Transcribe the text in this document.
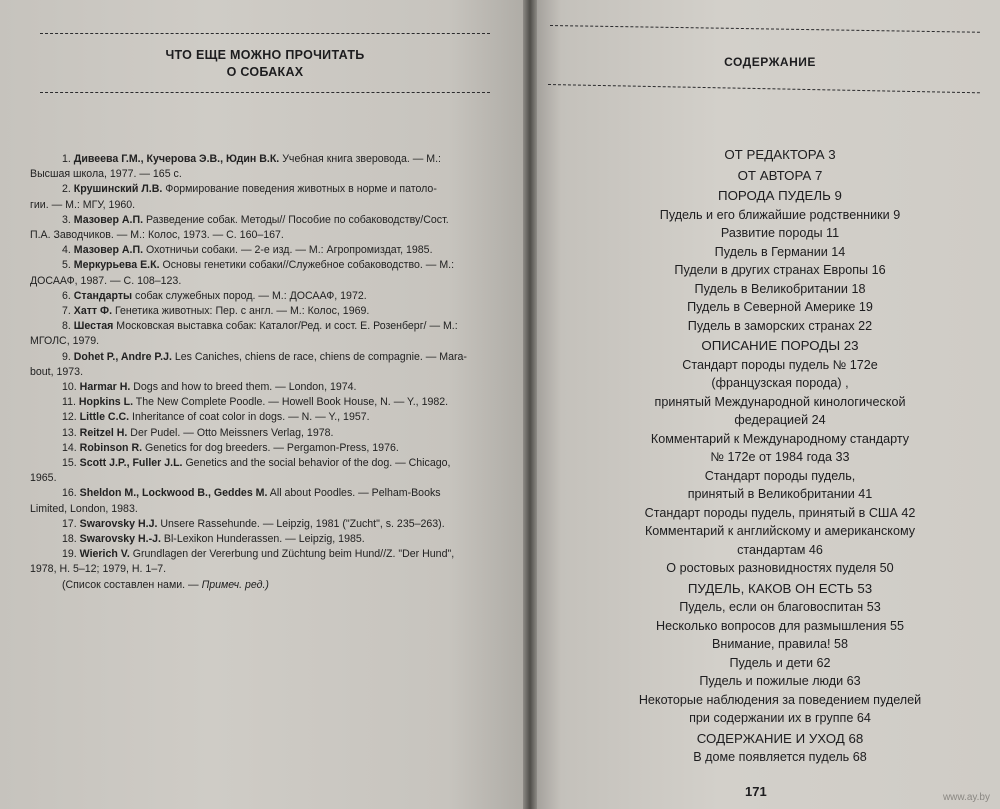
ЧТО ЕЩЕ МОЖНО ПРОЧИТАТЬ
О СОБАКАХ
1. Дивеева Г.М., Кучерова Э.В., Юдин В.К. Учебная книга зверовода. — М.:
Высшая школа, 1977. — 165 с.
2. Крушинский Л.В. Формирование поведения животных в норме и патоло-
гии. — М.: МГУ, 1960.
3. Мазовер А.П. Разведение собак. Методы// Пособие по собаководству/Сост.
П.А. Заводчиков. — М.: Колос, 1973. — С. 160–167.
4. Мазовер А.П. Охотничьи собаки. — 2-е изд. — М.: Агропромиздат, 1985.
5. Меркурьева Е.К. Основы генетики собаки//Служебное собаководство. — М.:
ДОСААФ, 1987. — С. 108–123.
6. Стандарты собак служебных пород. — М.: ДОСААФ, 1972.
7. Хатт Ф. Генетика животных: Пер. с англ. — М.: Колос, 1969.
8. Шестая Московская выставка собак: Каталог/Ред. и сост. Е. Розенберг/ — М.:
МГОЛС, 1979.
9. Dohet P., Andre P.J. Les Caniches, chiens de race, chiens de compagnie. — Mara-
bout, 1973.
10. Harmar H. Dogs and how to breed them. — London, 1974.
11. Hopkins L. The New Complete Poodle. — Howell Book House, N. — Y., 1982.
12. Little C.C. Inheritance of coat color in dogs. — N. — Y., 1957.
13. Reitzel H. Der Pudel. — Otto Meissners Verlag, 1978.
14. Robinson R. Genetics for dog breeders. — Pergamon-Press, 1976.
15. Scott J.P., Fuller J.L. Genetics and the social behavior of the dog. — Chicago,
1965.
16. Sheldon M., Lockwood B., Geddes M. All about Poodles. — Pelham-Books
Limited, London, 1983.
17. Swarovsky H.J. Unsere Rassehunde. — Leipzig, 1981 ("Zucht", s. 235–263).
18. Swarovsky H.-J. Bl-Lexikon Hunderassen. — Leipzig, 1985.
19. Wierich V. Grundlagen der Vererbung und Züchtung beim Hund//Z. "Der Hund",
1978, H. 5–12; 1979, H. 1–7.
(Список составлен нами. — Примеч. ред.)
СОДЕРЖАНИЕ
ОТ РЕДАКТОРА 3
ОТ АВТОРА 7
ПОРОДА ПУДЕЛЬ 9
Пудель и его ближайшие родственники 9
Развитие породы 11
Пудель в Германии 14
Пудели в других странах Европы 16
Пудель в Великобритании 18
Пудель в Северной Америке 19
Пудель в заморских странах 22
ОПИСАНИЕ ПОРОДЫ 23
Стандарт породы пудель № 172е
(французская порода) ,
принятый Международной кинологической
федерацией 24
Комментарий к Международному стандарту
№ 172е от 1984 года 33
Стандарт породы пудель,
принятый в Великобритании 41
Стандарт породы пудель, принятый в США 42
Комментарий к английскому и американскому
стандартам 46
О ростовых разновидностях пуделя 50
ПУДЕЛЬ, КАКОВ ОН ЕСТЬ 53
Пудель, если он благовоспитан 53
Несколько вопросов для размышления 55
Внимание, правила! 58
Пудель и дети 62
Пудель и пожилые люди 63
Некоторые наблюдения за поведением пуделей
при содержании их в группе 64
СОДЕРЖАНИЕ И УХОД 68
В доме появляется пудель 68
171	www.ay.by
